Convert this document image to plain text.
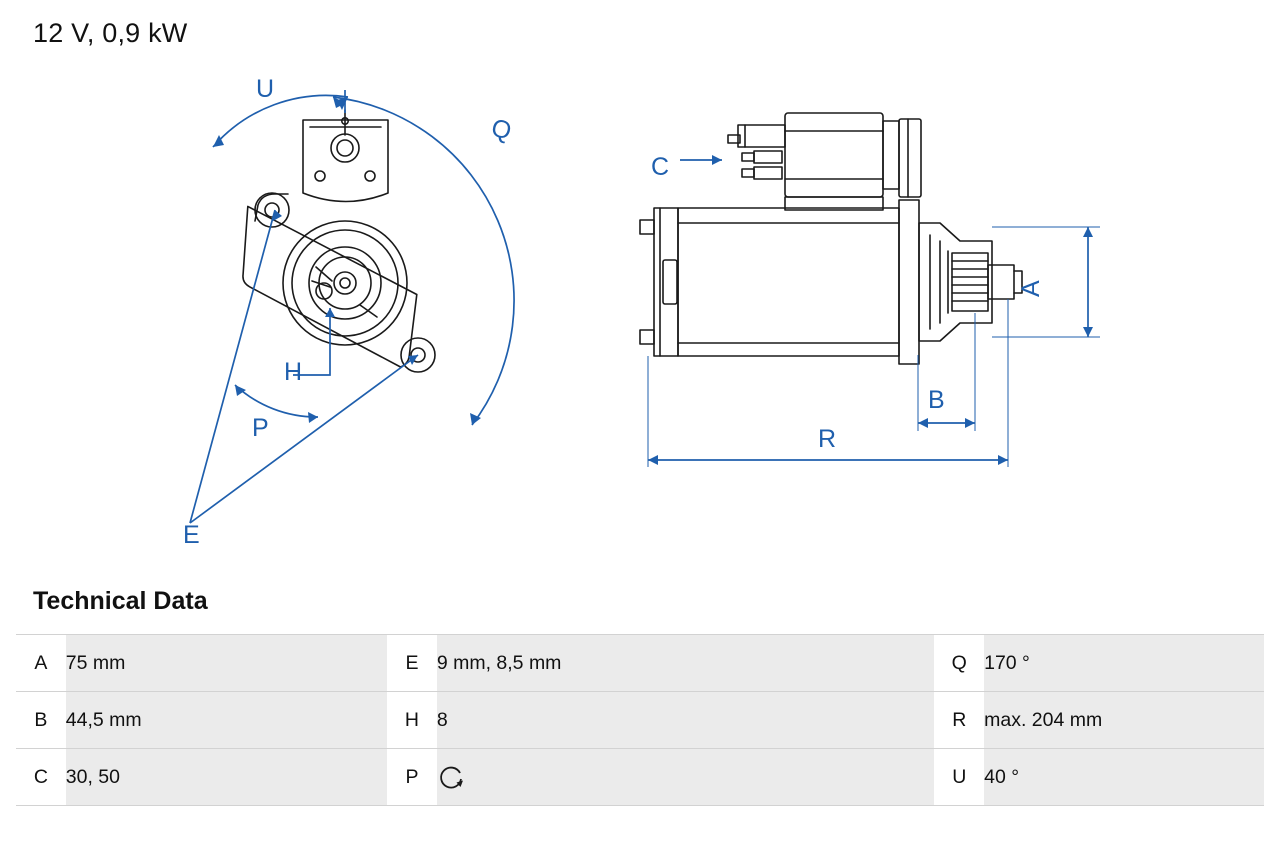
12 V, 0,9 kW
U
Q
H
P
E
C
A
B
R
Technical Data
A	75 mm	E	9 mm, 8,5 mm	Q	170 °
B	44,5 mm	H	8	R	max. 204 mm
C	30, 50	P		U	40 °
